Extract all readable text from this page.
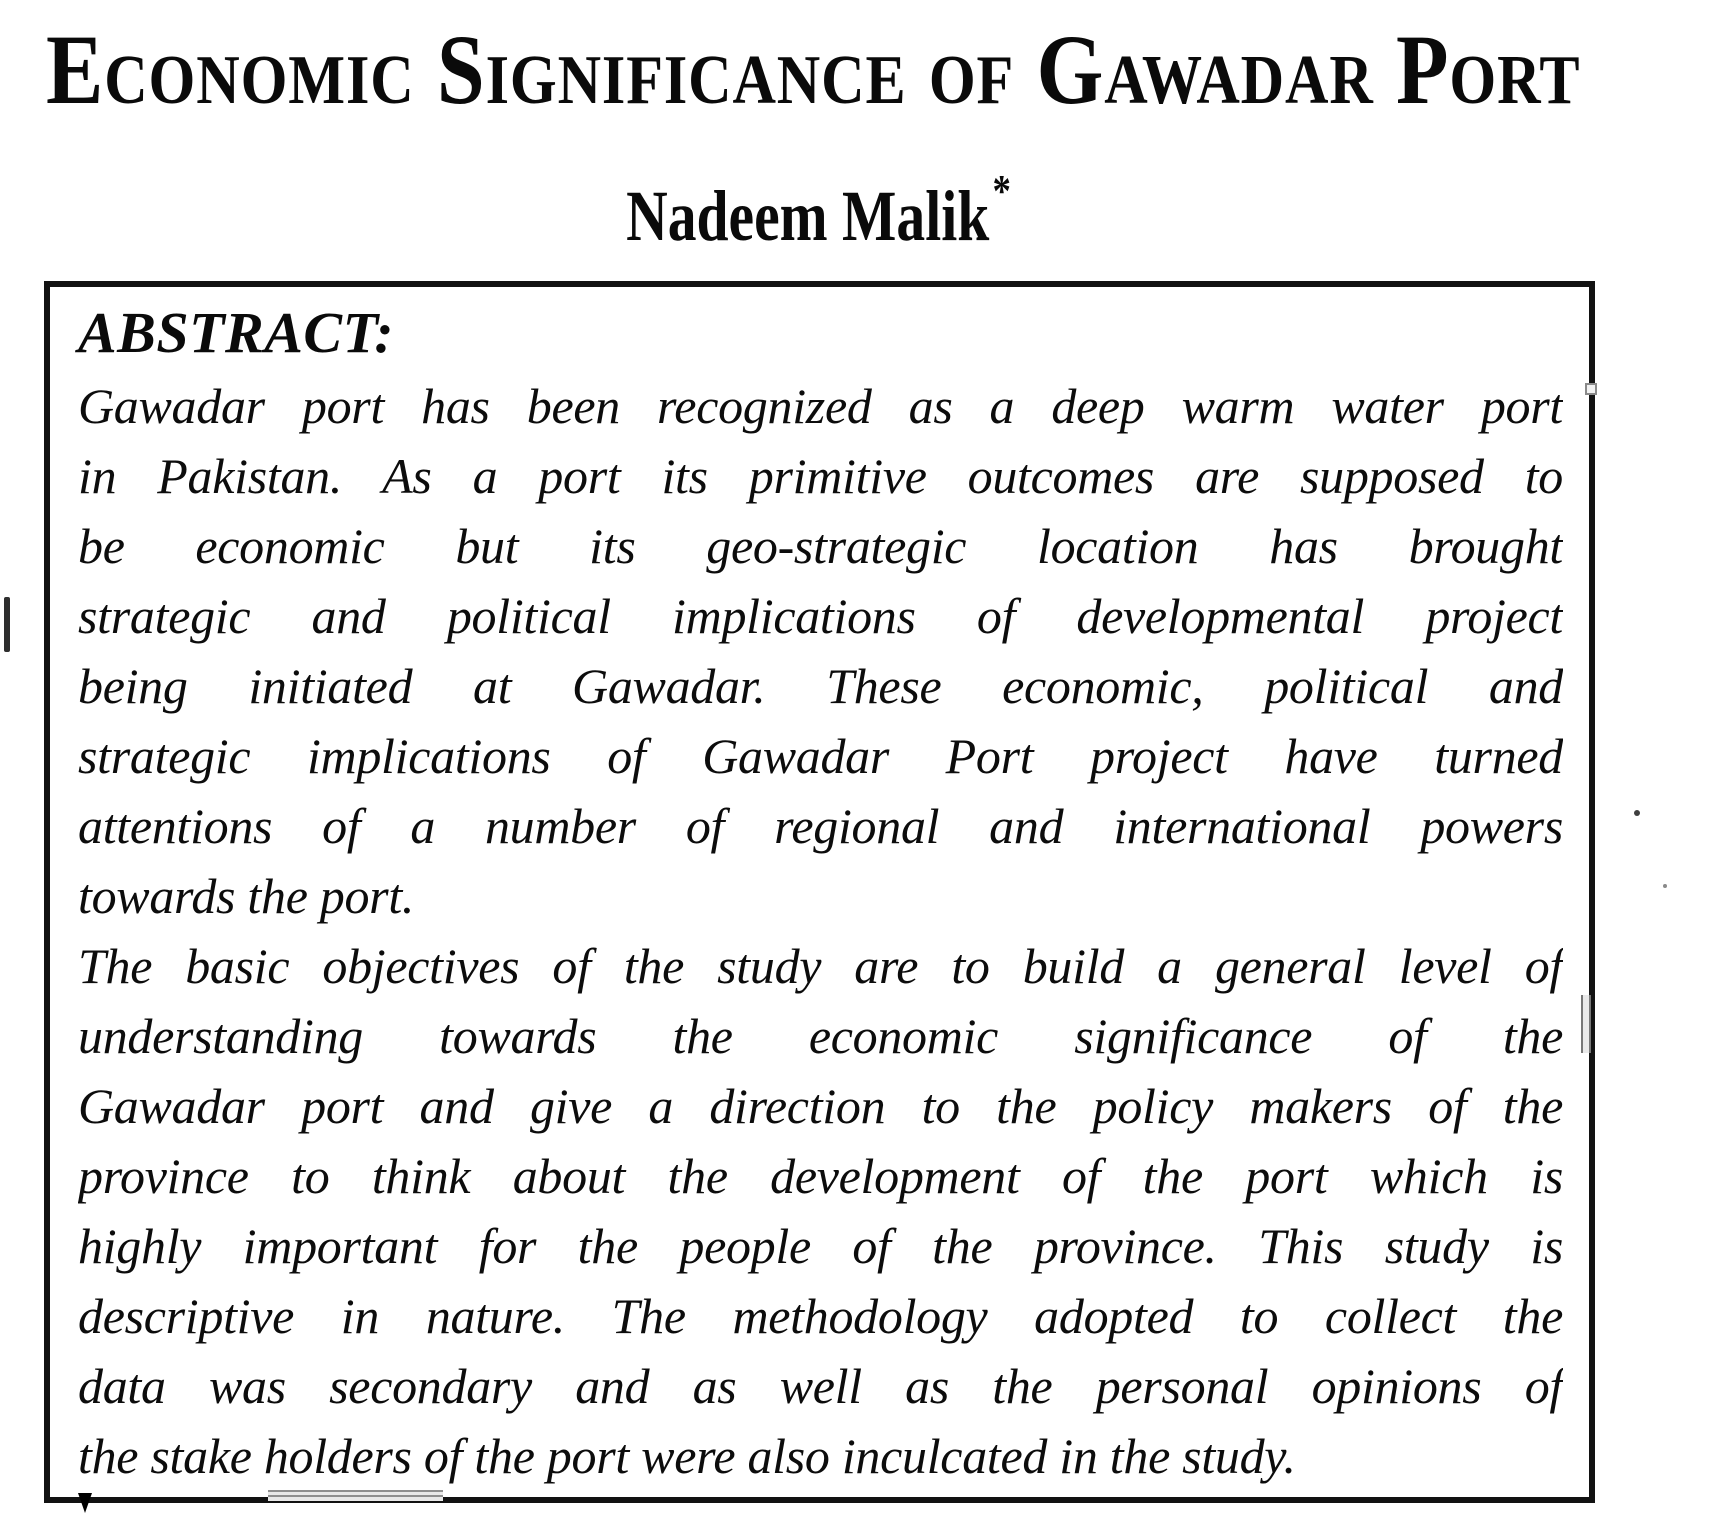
Economic Significance of Gawadar Port
Nadeem Malik*
ABSTRACT:
Gawadar port has been recognized as a deep warm water port
in Pakistan. As a port its primitive outcomes are supposed to
be economic but its geo-strategic location has brought
strategic and political implications of developmental project
being initiated at Gawadar. These economic, political and
strategic implications of Gawadar Port project have turned
attentions of a number of regional and international powers
towards the port.
The basic objectives of the study are to build a general level of
understanding towards the economic significance of the
Gawadar port and give a direction to the policy makers of the
province to think about the development of the port which is
highly important for the people of the province. This study is
descriptive in nature. The methodology adopted to collect the
data was secondary and as well as the personal opinions of
the stake holders of the port were also inculcated in the study.
